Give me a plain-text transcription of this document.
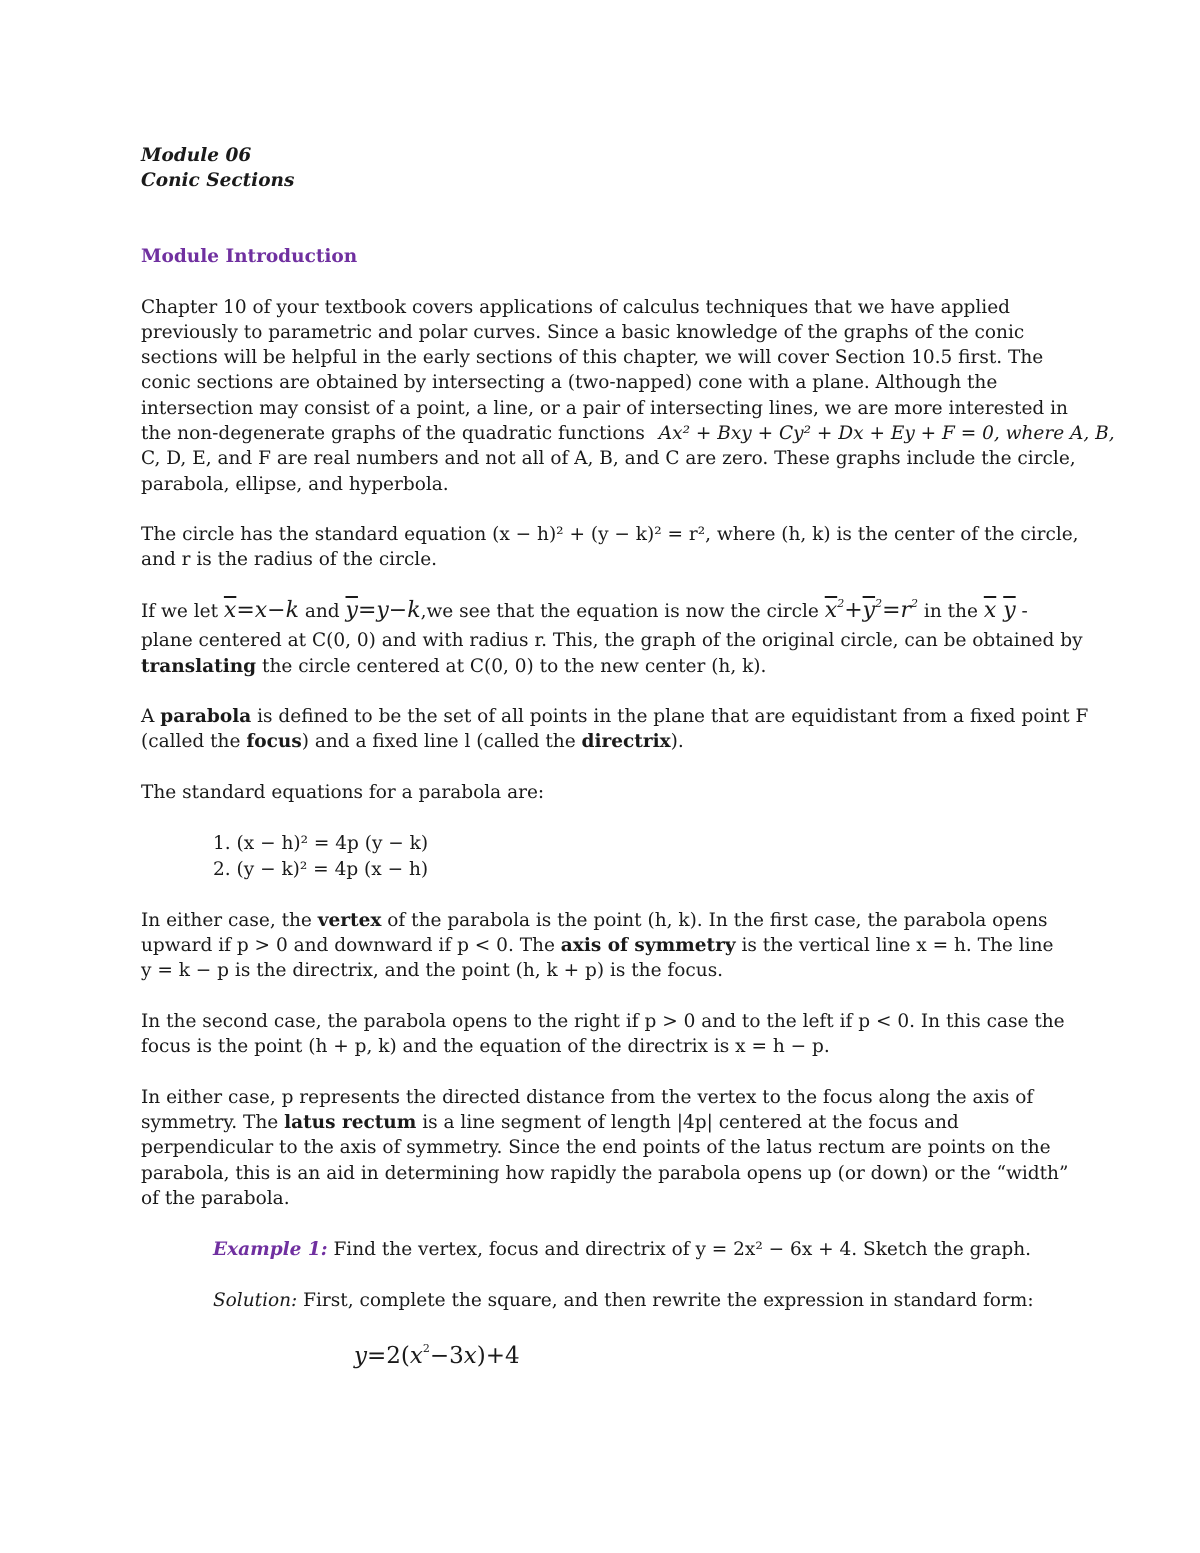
Module 06
Conic Sections
Module Introduction
Chapter 10 of your textbook covers applications of calculus techniques that we have applied
previously to parametric and polar curves. Since a basic knowledge of the graphs of the conic
sections will be helpful in the early sections of this chapter, we will cover Section 10.5 first. The
conic sections are obtained by intersecting a (two-napped) cone with a plane. Although the
intersection may consist of a point, a line, or a pair of intersecting lines, we are more interested in
the non-degenerate graphs of the quadratic functions Ax² + Bxy + Cy² + Dx + Ey + F = 0, where A, B,
C, D, E, and F are real numbers and not all of A, B, and C are zero. These graphs include the circle,
parabola, ellipse, and hyperbola.
The circle has the standard equation (x − h)² + (y − k)² = r², where (h, k) is the center of the circle,
and r is the radius of the circle.
If we let $\overline{x}=x-k$ and $\overline{y}=y-k,we$ see that the equation is now the circle $\overline{x}^2+\overline{y}^2=r^2$ in the $\overline{x}$ $\overline{y}$ -
plane centered at C(0, 0) and with radius r. This, the graph of the original circle, can be obtained by
translating the circle centered at C(0, 0) to the new center (h, k).
A parabola is defined to be the set of all points in the plane that are equidistant from a fixed point F
(called the focus) and a fixed line l (called the directrix).
The standard equations for a parabola are:
1. (x − h)² = 4p (y − k)
2. (y − k)² = 4p (x − h)
In either case, the vertex of the parabola is the point (h, k). In the first case, the parabola opens
upward if p > 0 and downward if p < 0. The axis of symmetry is the vertical line x = h. The line
y = k − p is the directrix, and the point (h, k + p) is the focus.
In the second case, the parabola opens to the right if p > 0 and to the left if p < 0. In this case the
focus is the point (h + p, k) and the equation of the directrix is x = h − p.
In either case, p represents the directed distance from the vertex to the focus along the axis of
symmetry. The latus rectum is a line segment of length |4p| centered at the focus and
perpendicular to the axis of symmetry. Since the end points of the latus rectum are points on the
parabola, this is an aid in determining how rapidly the parabola opens up (or down) or the “width”
of the parabola.
Example 1: Find the vertex, focus and directrix of y = 2x² − 6x + 4. Sketch the graph.
Solution: First, complete the square, and then rewrite the expression in standard form:
$y=2(x^2-3x)+4$
